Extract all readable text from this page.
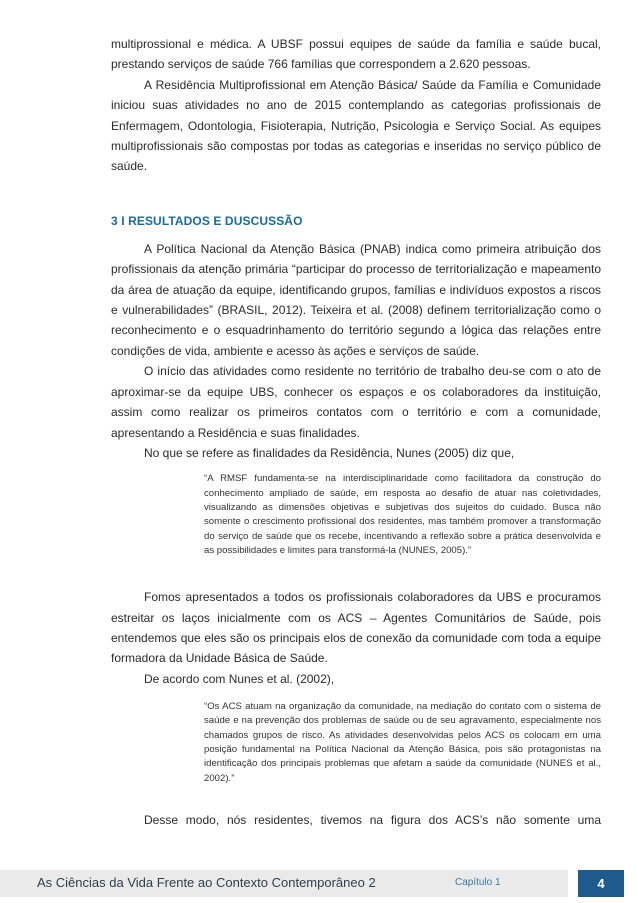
multiprossional e médica. A UBSF possui equipes de saúde da família e saúde bucal, prestando serviços de saúde 766 famílias que correspondem a 2.620 pessoas.

A Residência Multiprofissional em Atenção Básica/ Saúde da Família e Comunidade iniciou suas atividades no ano de 2015 contemplando as categorias profissionais de Enfermagem, Odontologia, Fisioterapia, Nutrição, Psicologia e Serviço Social. As equipes multiprofissionais são compostas por todas as categorias e inseridas no serviço público de saúde.

3 I RESULTADOS E DUSCUSSÃO

A Política Nacional da Atenção Básica (PNAB) indica como primeira atribuição dos profissionais da atenção primária “participar do processo de territorialização e mapeamento da área de atuação da equipe, identificando grupos, famílias e indivíduos expostos a riscos e vulnerabilidades” (BRASIL, 2012). Teixeira et al. (2008) definem territorialização como o reconhecimento e o esquadrinhamento do território segundo a lógica das relações entre condições de vida, ambiente e acesso às ações e serviços de saúde.

O início das atividades como residente no território de trabalho deu-se com o ato de aproximar-se da equipe UBS, conhecer os espaços e os colaboradores da instituição, assim como realizar os primeiros contatos com o território e com a comunidade, apresentando a Residência e suas finalidades.

No que se refere as finalidades da Residência, Nunes (2005) diz que,

“A RMSF fundamenta-se na interdisciplinaridade como facilitadora da construção do conhecimento ampliado de saúde, em resposta ao desafio de atuar nas coletividades, visualizando as dimensões objetivas e subjetivas dos sujeitos do cuidado. Busca não somente o crescimento profissional dos residentes, mas também promover a transformação do serviço de saúde que os recebe, incentivando a reflexão sobre a prática desenvolvida e as possibilidades e limites para transformá-la (NUNES, 2005).”

Fomos apresentados a todos os profissionais colaboradores da UBS e procuramos estreitar os laços inicialmente com os ACS – Agentes Comunitários de Saúde, pois entendemos que eles são os principais elos de conexão da comunidade com toda a equipe formadora da Unidade Básica de Saúde.

De acordo com Nunes et al. (2002),

“Os ACS atuam na organização da comunidade, na mediação do contato com o sistema de saúde e na prevenção dos problemas de saúde ou de seu agravamento, especialmente nos chamados grupos de risco. As atividades desenvolvidas pelos ACS os colocam em uma posição fundamental na Política Nacional da Atenção Básica, pois são protagonistas na identificação dos principais problemas que afetam a saúde da comunidade (NUNES et al., 2002).”

Desse modo, nós residentes, tivemos na figura dos ACS’s não somente uma

As Ciências da Vida Frente ao Contexto Contemporâneo 2	Capítulo 1	4
